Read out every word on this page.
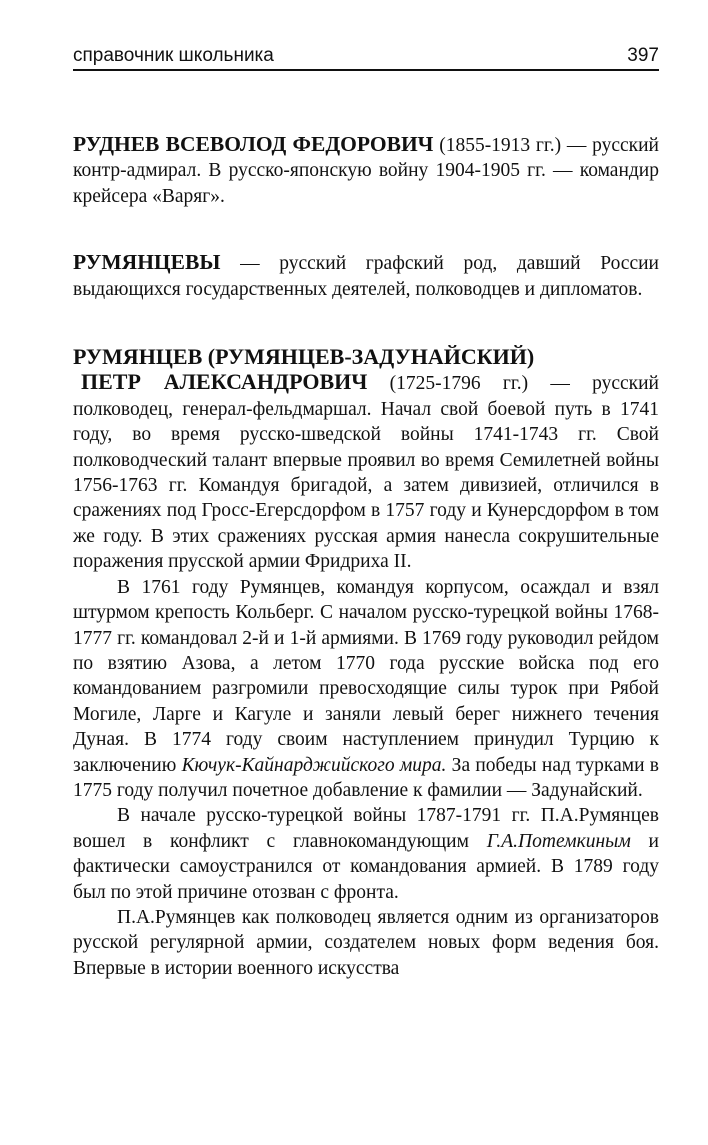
справочник школьника	397

РУДНЕВ ВСЕВОЛОД ФЕДОРОВИЧ (1855-1913 гг.) — русский контр-адмирал. В русско-японскую войну 1904-1905 гг. — командир крейсера «Варяг».

РУМЯНЦЕВЫ — русский графский род, давший России выдающихся государственных деятелей, полководцев и дипломатов.

РУМЯНЦЕВ (РУМЯНЦЕВ-ЗАДУНАЙСКИЙ)

ПЕТР АЛЕКСАНДРОВИЧ (1725-1796 гг.) — русский полководец, генерал-фельдмаршал. Начал свой боевой путь в 1741 году, во время русско-шведской войны 1741-1743 гг. Свой полководческий талант впервые проявил во время Семилетней войны 1756-1763 гг. Командуя бригадой, а затем дивизией, отличился в сражениях под Гросс-Егерсдорфом в 1757 году и Кунерсдорфом в том же году. В этих сражениях русская армия нанесла сокрушительные поражения прусской армии Фридриха II.

В 1761 году Румянцев, командуя корпусом, осаждал и взял штурмом крепость Кольберг. С началом русско-турецкой войны 1768-1777 гг. командовал 2-й и 1-й армиями. В 1769 году руководил рейдом по взятию Азова, а летом 1770 года русские войска под его командованием разгромили превосходящие силы турок при Рябой Могиле, Ларге и Кагуле и заняли левый берег нижнего течения Дуная. В 1774 году своим наступлением принудил Турцию к заключению Кючук-Кайнарджийского мира. За победы над турками в 1775 году получил почетное добавление к фамилии — Задунайский.

В начале русско-турецкой войны 1787-1791 гг. П.А.Румянцев вошел в конфликт с главнокомандующим Г.А.Потемкиным и фактически самоустранился от командования армией. В 1789 году был по этой причине отозван с фронта.

П.А.Румянцев как полководец является одним из организаторов русской регулярной армии, создателем новых форм ведения боя. Впервые в истории военного искусства
